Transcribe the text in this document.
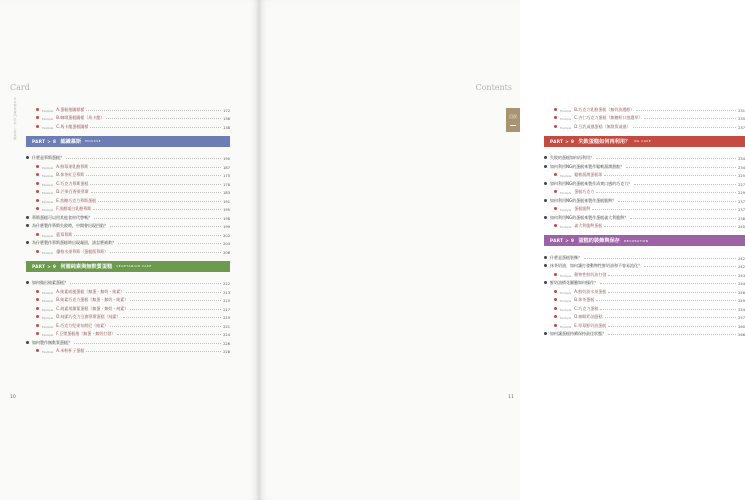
Card
日本製菓專門學校 人氣蛋糕	Example A.蛋糕捲圖標樣	172
Example B.咖啡蛋糕圖樣（馬卡龍）	136
Example C.馬卡龍蛋糕圖樣	138
PART > 8 認識慕斯 MOUSSE
什麼是慕斯蛋糕？	190
Example A.鮮莓果乳酪慕斯	187
Example B.抹茶紅豆慕斯	175
Example C.巧克力慕斯蛋糕	178
Example D.芒果百香果慕斯	183
Example E.焦糖巧克力慕斯蛋糕	191
Example F.黑醋栗白乳酪慕斯	195
慕斯蛋糕可以用其他食材代替嗎？	198
為什麼製作慕斯失敗時，中間會出現凹陷？	199
Example 藍莓慕斯	202
為什麼製作慕斯蛋糕時出現凝固，該怎麼補救？	204
Example 優格水果慕斯（蛋糕版慕斯）	206
PART > 9 何謂純素與無麩質蛋糕 VEGETARIAN CAKE
如何做出純素蛋糕？	212
Example A.純素戚風蛋糕（無蛋・無奶・純素）	213
Example B.純素巧克力蛋糕（無蛋・無奶・純素）	215
Example C.純素胡蘿蔔蛋糕（無蛋・無奶・純素）	217
Example D.純素巧克力豆腐慕斯蛋糕（純素）	219
Example E.巧克力堅果布朗尼（純素）	221
Example F.豆漿蛋糕捲（無蛋・無奶打發）	224
如何製作無麩質蛋糕？	226
Example A.米粉杯子蛋糕	228
10
Contents
Example B.巧克力乳酪蛋糕（無奶油濃醇）	231
Example C.杏仁巧克力蛋糕（無糖粉口感濃厚）	235
Example D.豆乳戚風蛋糕（無麩質戚風）	237
PART > 9 失敗蛋糕如何再利用？ NG CAKE
失敗的蛋糕如何再利用？	234
如何利用NG的蛋糕來製作鬆軟濕潤甜點？	234
Example 鬆軟濕潤蛋糕球	225
如何利用NG的蛋糕來製作清爽口感的巧克力？	227
Example 蛋糕巧克力	229
如何利用NG的蛋糕來製作蛋糕脆餅？	237
Example 蛋糕脆餅	237
如何利用NG的蛋糕來製作蛋糕義大利脆餅？	238
Example 義大利脆餅蛋糕	240
PART > 9 蛋糕的裝飾與保存 DECORATION
什麼是蛋糕裝飾？	242
抹茶奶油，如何讓打發動物性鮮奶油和不容易流化？	242
Example 動物性鮮奶油打發	243
鮮奶油擠花圖騰如何操作？	244
Example A.鮮奶油水果蛋糕	246
Example B.抹茶蛋糕	249
Example C.巧克力蛋糕	254
Example D.咖啡奶油蛋糕	257
Example E.草莓鮮奶油蛋糕	260
如何讓蛋糕持續保持最佳狀態？	266
目次
11
